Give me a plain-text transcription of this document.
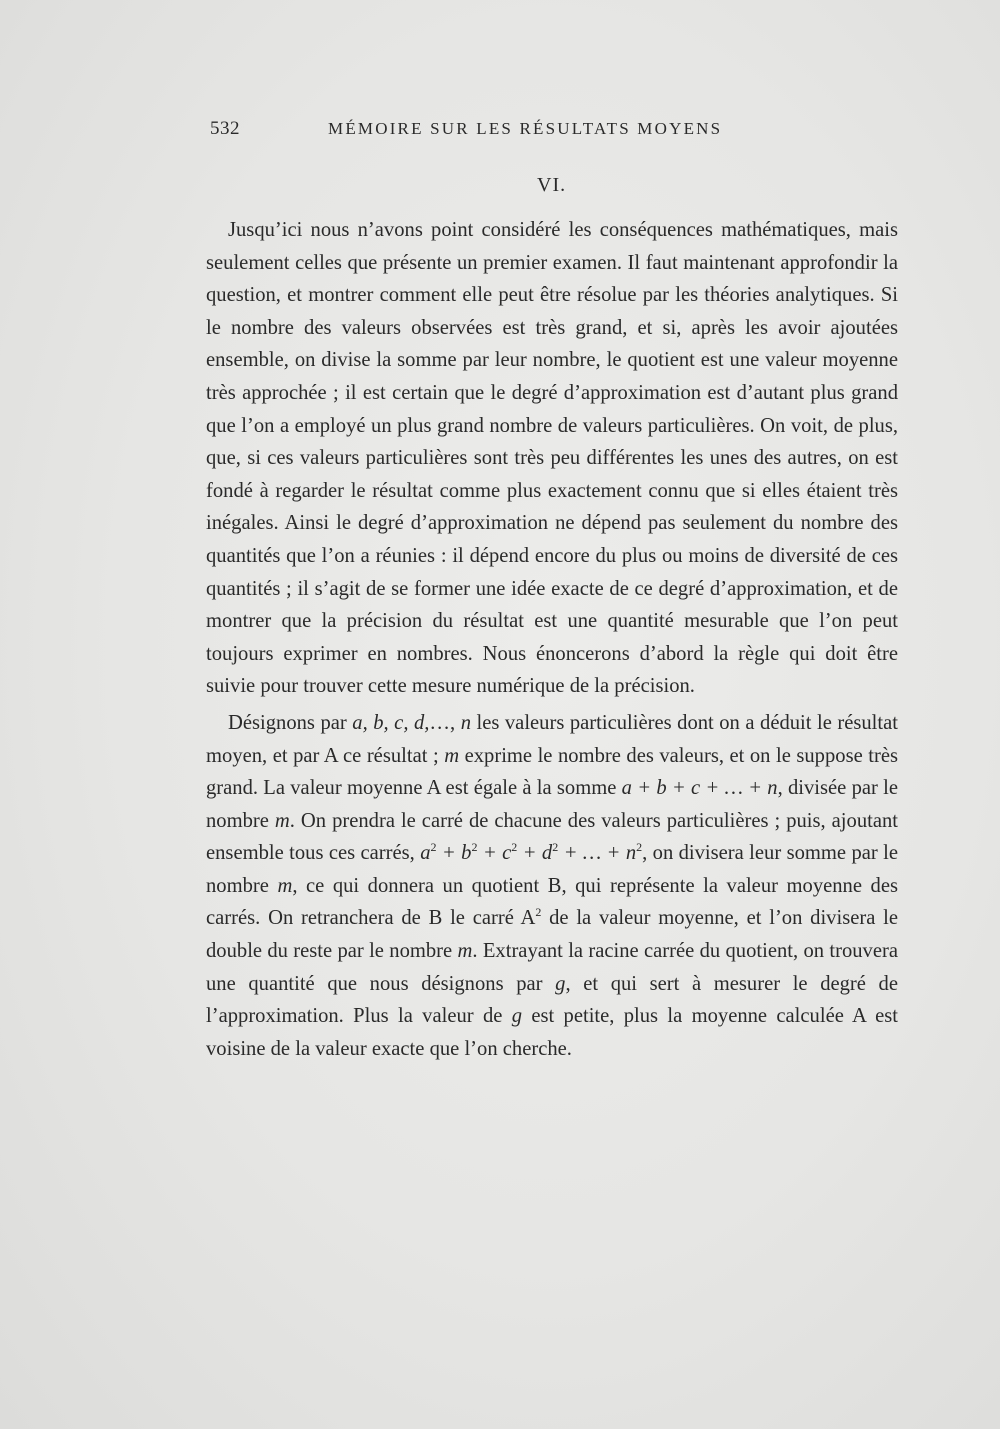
532	MÉMOIRE SUR LES RÉSULTATS MOYENS
VI.

Jusqu’ici nous n’avons point considéré les conséquences mathématiques, mais seulement celles que présente un premier examen. Il faut maintenant approfondir la question, et montrer comment elle peut être résolue par les théories analytiques. Si le nombre des valeurs observées est très grand, et si, après les avoir ajoutées ensemble, on divise la somme par leur nombre, le quotient est une valeur moyenne très approchée ; il est certain que le degré d’approximation est d’autant plus grand que l’on a employé un plus grand nombre de valeurs particulières. On voit, de plus, que, si ces valeurs particulières sont très peu différentes les unes des autres, on est fondé à regarder le résultat comme plus exactement connu que si elles étaient très inégales. Ainsi le degré d’approximation ne dépend pas seulement du nombre des quantités que l’on a réunies : il dépend encore du plus ou moins de diversité de ces quantités ; il s’agit de se former une idée exacte de ce degré d’approximation, et de montrer que la précision du résultat est une quantité mesurable que l’on peut toujours exprimer en nombres. Nous énoncerons d’abord la règle qui doit être suivie pour trouver cette mesure numérique de la précision.

Désignons par a, b, c, d,…, n les valeurs particulières dont on a déduit le résultat moyen, et par A ce résultat ; m exprime le nombre des valeurs, et on le suppose très grand. La valeur moyenne A est égale à la somme a + b + c + … + n, divisée par le nombre m. On prendra le carré de chacune des valeurs particulières ; puis, ajoutant ensemble tous ces carrés, $a^2 + b^2 + c^2 + d^2$ + … + $n^2$, on divisera leur somme par le nombre m, ce qui donnera un quotient B, qui représente la valeur moyenne des carrés. On retranchera de B le carré $A^2$ de la valeur moyenne, et l’on divisera le double du reste par le nombre m. Extrayant la racine carrée du quotient, on trouvera une quantité que nous désignons par g, et qui sert à mesurer le degré de l’approximation. Plus la valeur de g est petite, plus la moyenne calculée A est voisine de la valeur exacte que l’on cherche.
